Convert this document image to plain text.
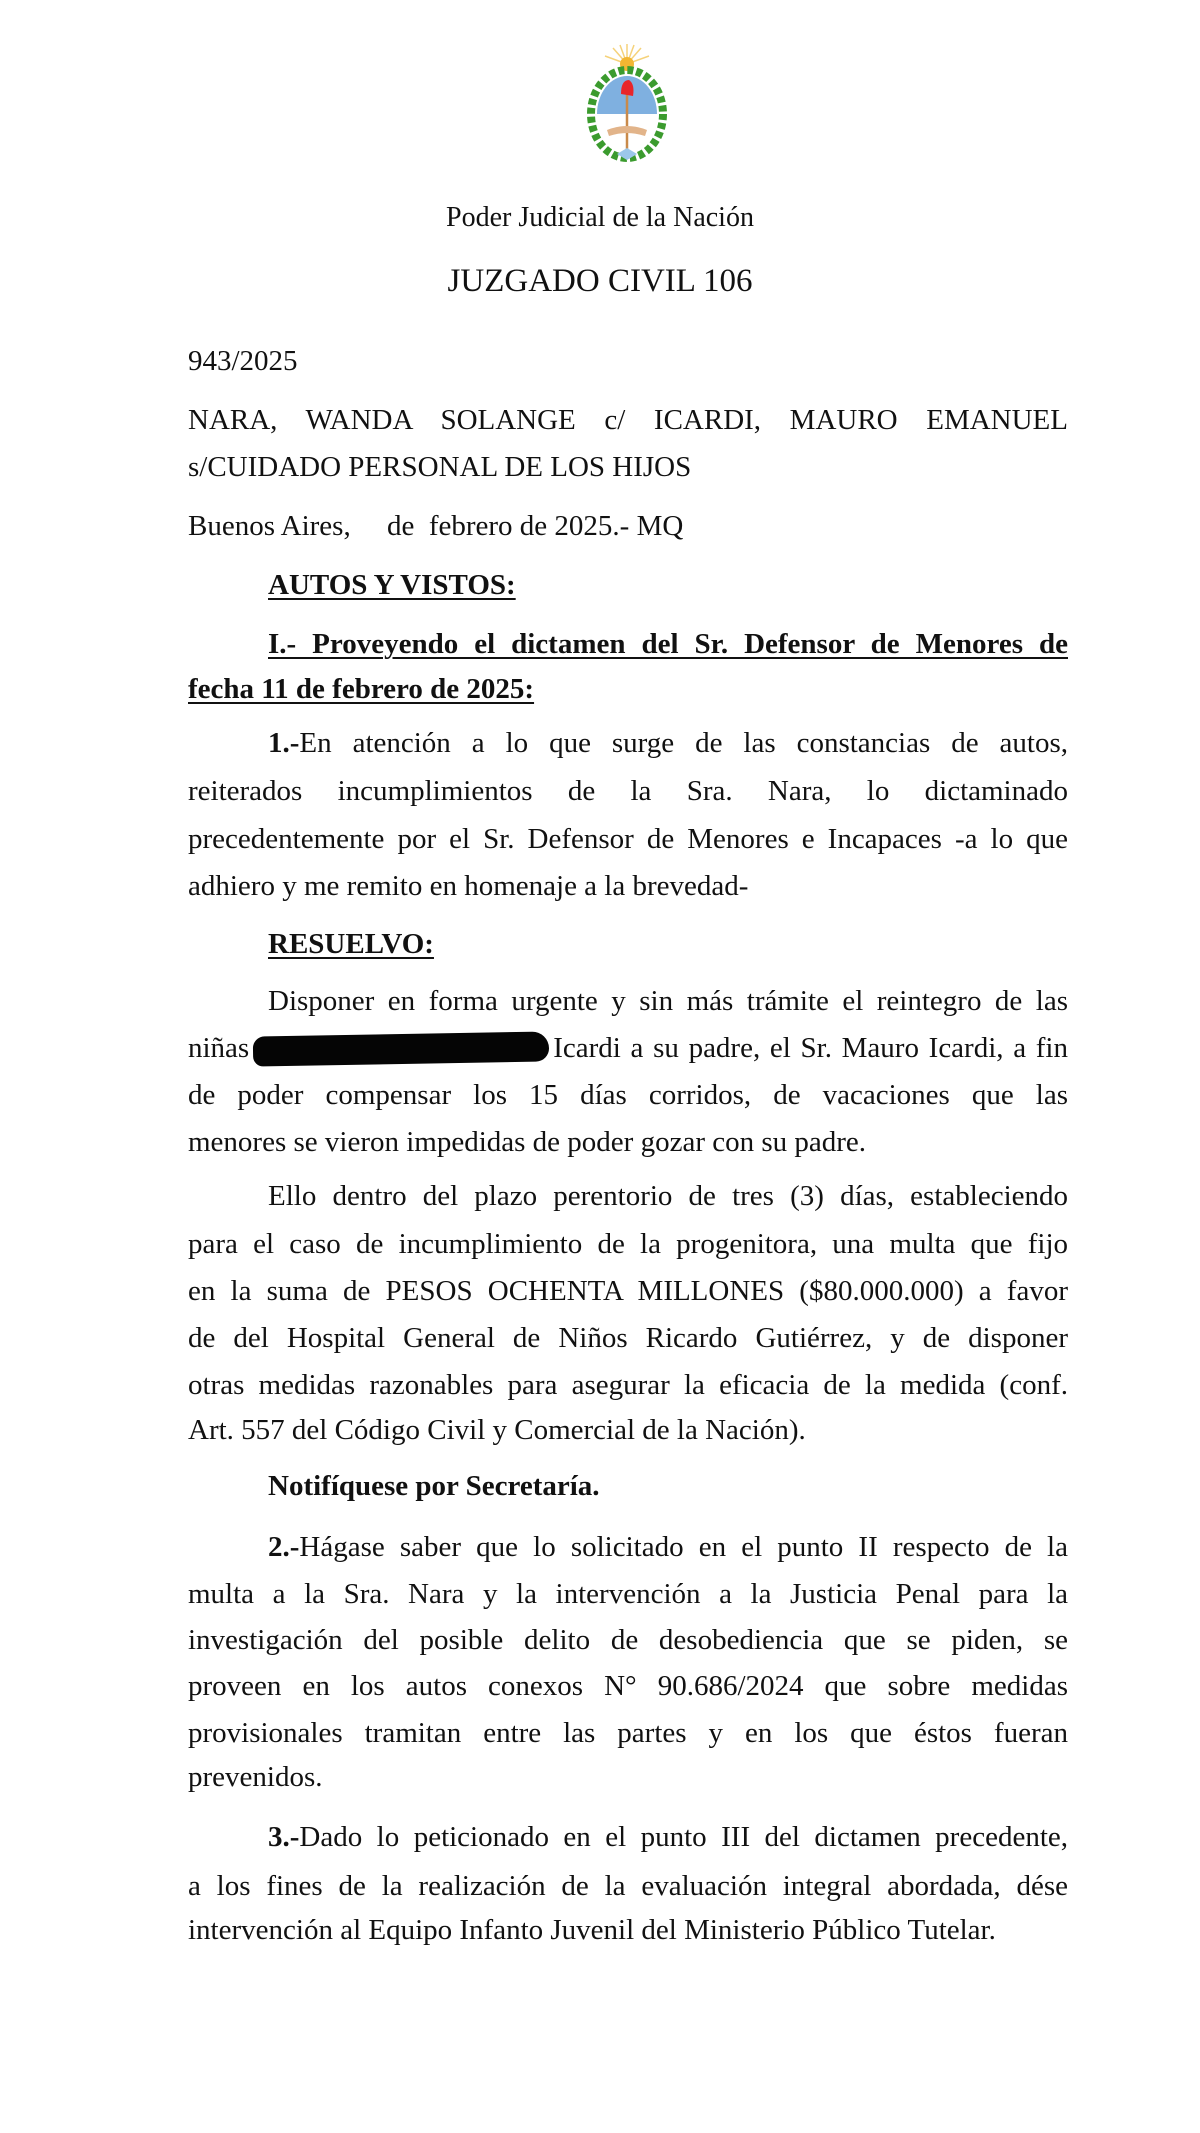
Poder Judicial de la Nación
JUZGADO CIVIL 106
943/2025
NARA, WANDA SOLANGE c/ ICARDI, MAURO EMANUEL
s/CUIDADO PERSONAL DE LOS HIJOS
Buenos Aires,     de  febrero de 2025.- MQ
AUTOS Y VISTOS:
I.- Proveyendo el dictamen del Sr. Defensor de Menores de
fecha 11 de febrero de 2025:
1.- En atención a lo que surge de las constancias de autos,
reiterados incumplimientos de la Sra. Nara, lo dictaminado
precedentemente por el Sr. Defensor de Menores e Incapaces -a lo que
adhiero y me remito en homenaje a la brevedad-
RESUELVO:
Disponer en forma urgente y sin más trámite el reintegro de las
niñas	Icardi a su padre, el Sr. Mauro Icardi, a fin
de poder compensar los 15 días corridos, de vacaciones que las
menores se vieron impedidas de poder gozar con su padre.
Ello dentro del plazo perentorio de tres (3) días, estableciendo
para el caso de incumplimiento de la progenitora, una multa que fijo
en la suma de PESOS OCHENTA MILLONES ($80.000.000) a favor
de del Hospital General de Niños Ricardo Gutiérrez, y de disponer
otras medidas razonables para asegurar la eficacia de la medida (conf.
Art. 557 del Código Civil y Comercial de la Nación).
Notifíquese por Secretaría.
2.- Hágase saber que lo solicitado en el punto II respecto de la
multa a la Sra. Nara y la intervención a la Justicia Penal para la
investigación del posible delito de desobediencia que se piden, se
proveen en los autos conexos N° 90.686/2024 que sobre medidas
provisionales tramitan entre las partes y en los que éstos fueran
prevenidos.
3.- Dado lo peticionado en el punto III del dictamen precedente,
a los fines de la realización de la evaluación integral abordada, dése
intervención al Equipo Infanto Juvenil del Ministerio Público Tutelar.
